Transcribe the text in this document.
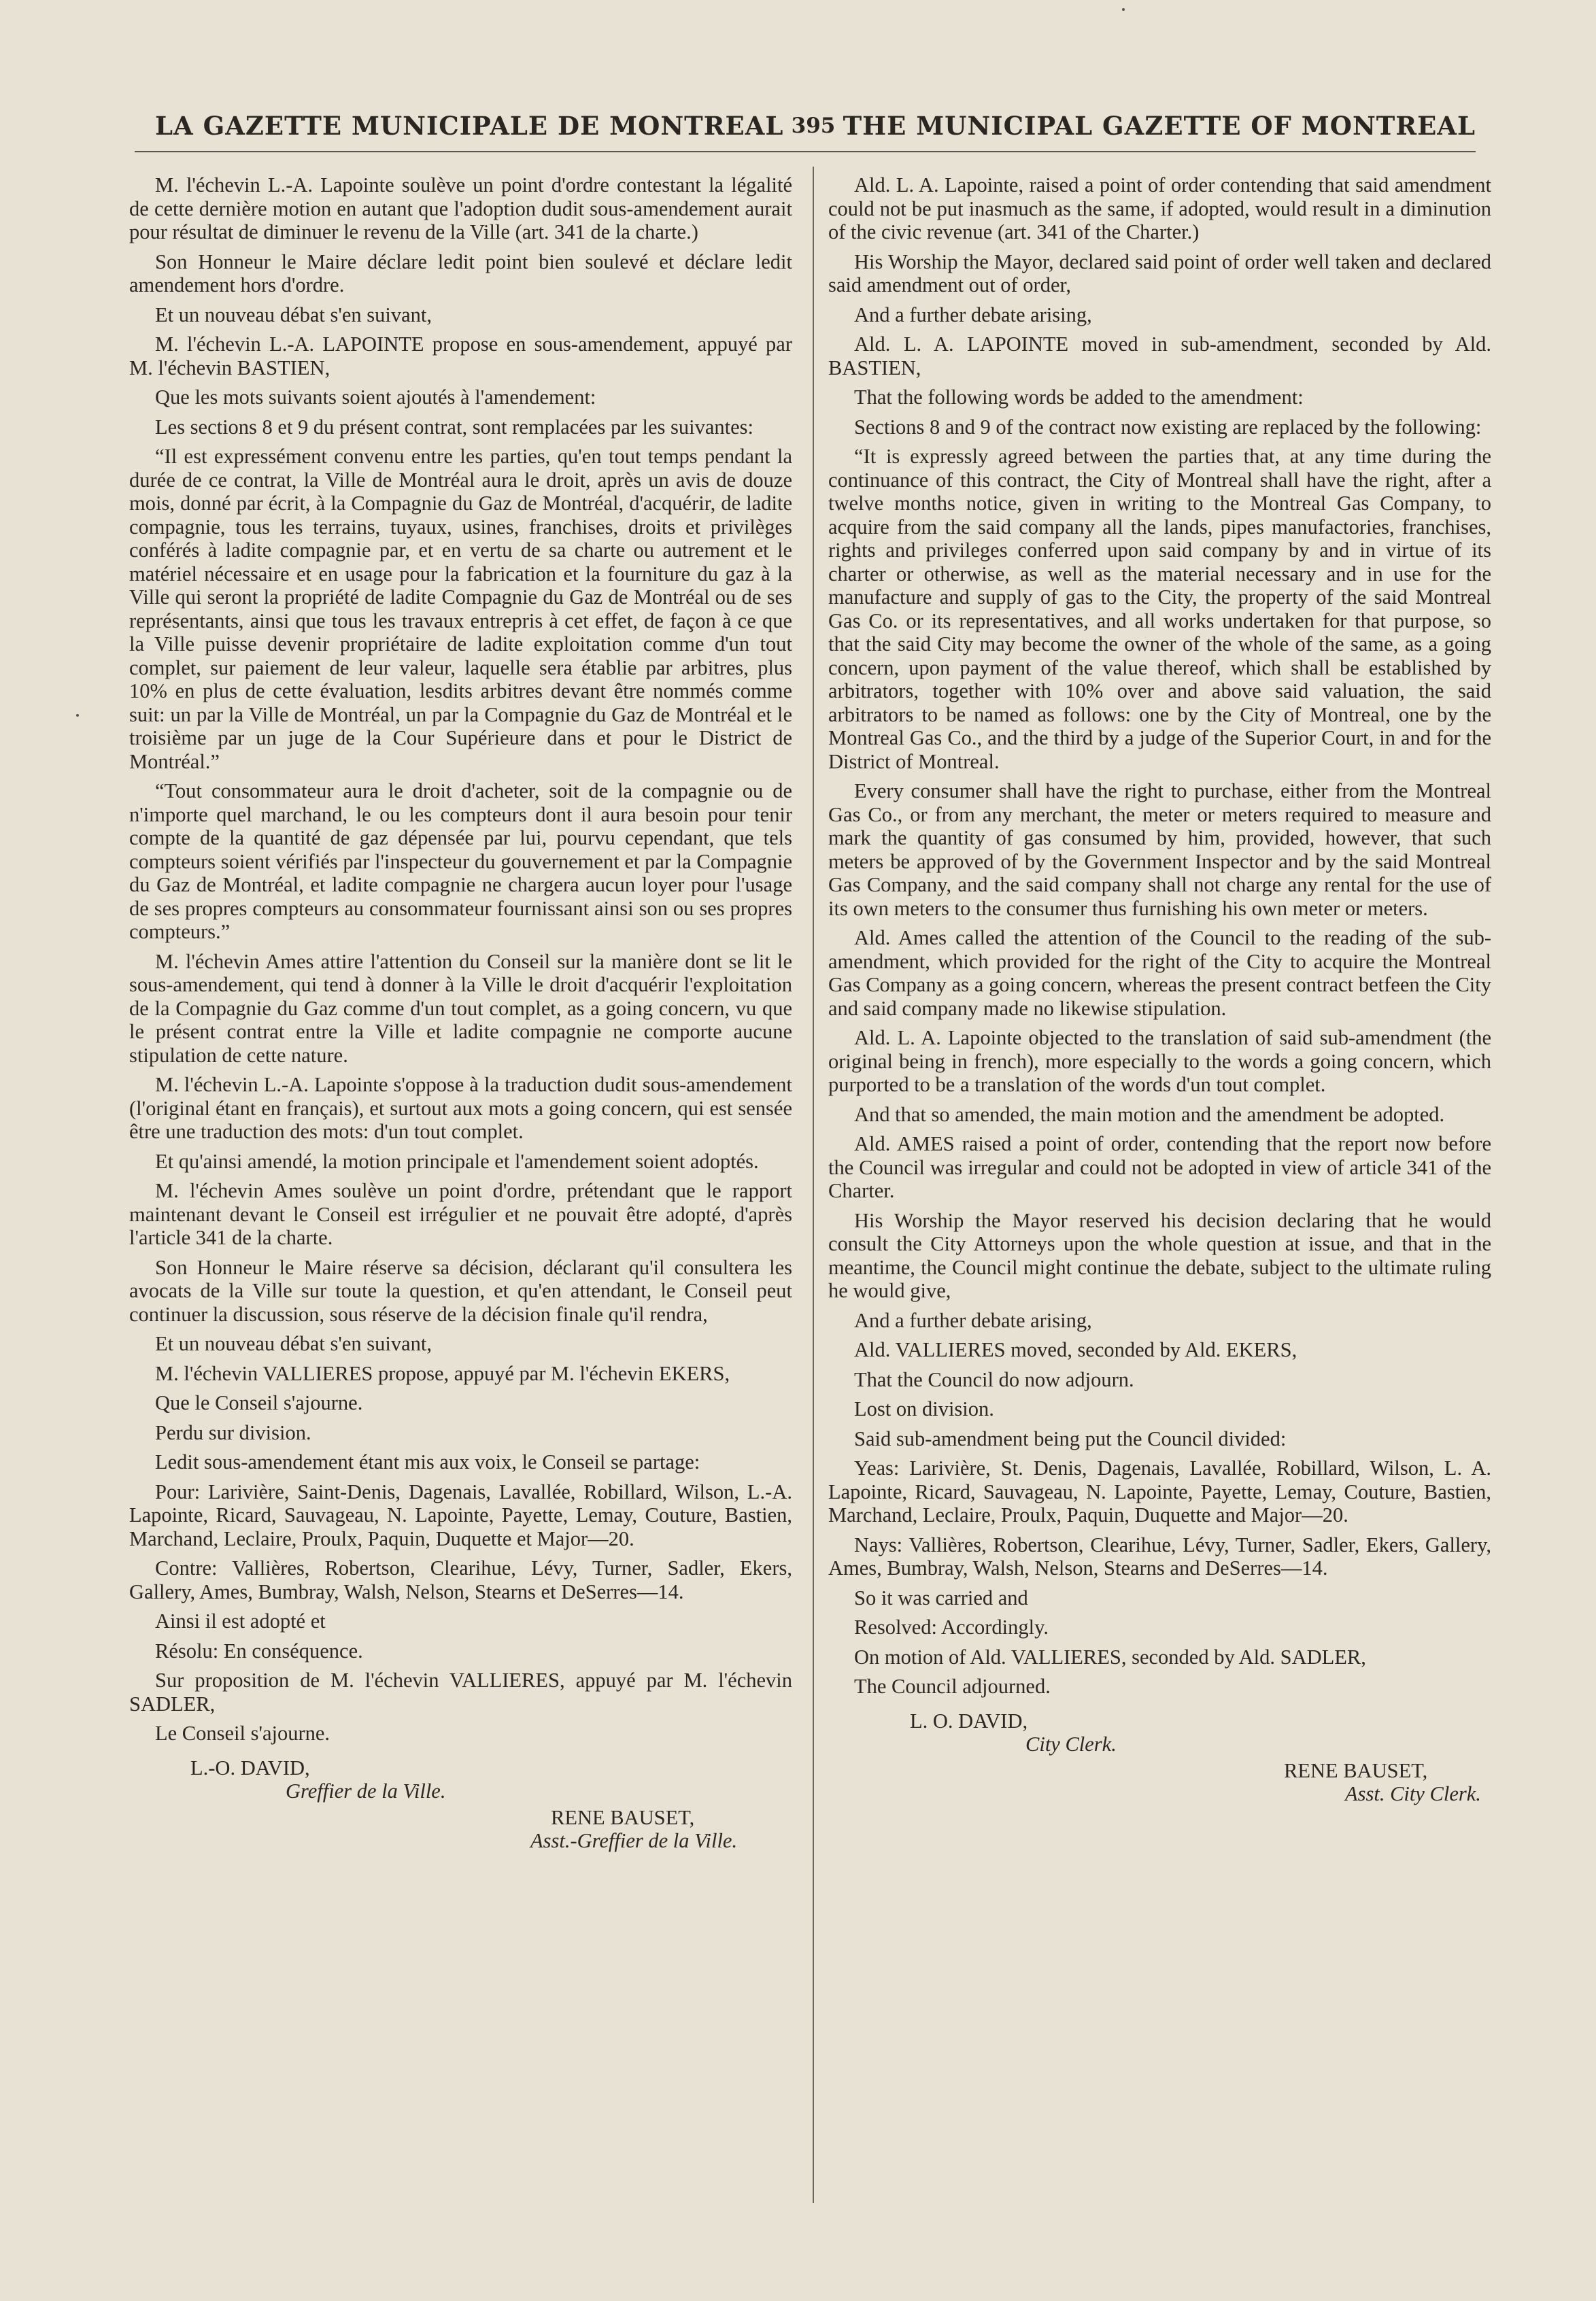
LA GAZETTE MUNICIPALE DE MONTREAL 395 THE MUNICIPAL GAZETTE OF MONTREAL

M. l'échevin L.-A. Lapointe soulève un point d'ordre contestant la légalité de cette dernière motion en autant que l'adoption dudit sous-amendement aurait pour résultat de diminuer le revenu de la Ville (art. 341 de la charte.)

Son Honneur le Maire déclare ledit point bien soulevé et déclare ledit amendement hors d'ordre.

Et un nouveau débat s'en suivant,

M. l'échevin L.-A. LAPOINTE propose en sous-amendement, appuyé par M. l'échevin BASTIEN,

Que les mots suivants soient ajoutés à l'amendement:

Les sections 8 et 9 du présent contrat, sont remplacées par les suivantes:

“Il est expressément convenu entre les parties, qu'en tout temps pendant la durée de ce contrat, la Ville de Montréal aura le droit, après un avis de douze mois, donné par écrit, à la Compagnie du Gaz de Montréal, d'acquérir, de ladite compagnie, tous les terrains, tuyaux, usines, franchises, droits et privilèges conférés à ladite compagnie par, et en vertu de sa charte ou autrement et le matériel nécessaire et en usage pour la fabrication et la fourniture du gaz à la Ville qui seront la propriété de ladite Compagnie du Gaz de Montréal ou de ses représentants, ainsi que tous les travaux entrepris à cet effet, de façon à ce que la Ville puisse devenir propriétaire de ladite exploitation comme d'un tout complet, sur paiement de leur valeur, laquelle sera établie par arbitres, plus 10% en plus de cette évaluation, lesdits arbitres devant être nommés comme suit: un par la Ville de Montréal, un par la Compagnie du Gaz de Montréal et le troisième par un juge de la Cour Supérieure dans et pour le District de Montréal.”

“Tout consommateur aura le droit d'acheter, soit de la compagnie ou de n'importe quel marchand, le ou les compteurs dont il aura besoin pour tenir compte de la quantité de gaz dépensée par lui, pourvu cependant, que tels compteurs soient vérifiés par l'inspecteur du gouvernement et par la Compagnie du Gaz de Montréal, et ladite compagnie ne chargera aucun loyer pour l'usage de ses propres compteurs au consommateur fournissant ainsi son ou ses propres compteurs.”

M. l'échevin Ames attire l'attention du Conseil sur la manière dont se lit le sous-amendement, qui tend à donner à la Ville le droit d'acquérir l'exploitation de la Compagnie du Gaz comme d'un tout complet, as a going concern, vu que le présent contrat entre la Ville et ladite compagnie ne comporte aucune stipulation de cette nature.

M. l'échevin L.-A. Lapointe s'oppose à la traduction dudit sous-amendement (l'original étant en français), et surtout aux mots a going concern, qui est sensée être une traduction des mots: d'un tout complet.

Et qu'ainsi amendé, la motion principale et l'amendement soient adoptés.

M. l'échevin Ames soulève un point d'ordre, prétendant que le rapport maintenant devant le Conseil est irrégulier et ne pouvait être adopté, d'après l'article 341 de la charte.

Son Honneur le Maire réserve sa décision, déclarant qu'il consultera les avocats de la Ville sur toute la question, et qu'en attendant, le Conseil peut continuer la discussion, sous réserve de la décision finale qu'il rendra,

Et un nouveau débat s'en suivant,

M. l'échevin VALLIERES propose, appuyé par M. l'échevin EKERS,

Que le Conseil s'ajourne.

Perdu sur division.

Ledit sous-amendement étant mis aux voix, le Conseil se partage:

Pour: Larivière, Saint-Denis, Dagenais, Lavallée, Robillard, Wilson, L.-A. Lapointe, Ricard, Sauvageau, N. Lapointe, Payette, Lemay, Couture, Bastien, Marchand, Leclaire, Proulx, Paquin, Duquette et Major—20.

Contre: Vallières, Robertson, Clearihue, Lévy, Turner, Sadler, Ekers, Gallery, Ames, Bumbray, Walsh, Nelson, Stearns et DeSerres—14.

Ainsi il est adopté et

Résolu: En conséquence.

Sur proposition de M. l'échevin VALLIERES, appuyé par M. l'échevin SADLER,

Le Conseil s'ajourne.

L.-O. DAVID,

Greffier de la Ville.

RENE BAUSET,

Asst.-Greffier de la Ville.

Ald. L. A. Lapointe, raised a point of order contending that said amendment could not be put inasmuch as the same, if adopted, would result in a diminution of the civic revenue (art. 341 of the Charter.)

His Worship the Mayor, declared said point of order well taken and declared said amendment out of order,

And a further debate arising,

Ald. L. A. LAPOINTE moved in sub-amendment, seconded by Ald. BASTIEN,

That the following words be added to the amendment:

Sections 8 and 9 of the contract now existing are replaced by the following:

“It is expressly agreed between the parties that, at any time during the continuance of this contract, the City of Montreal shall have the right, after a twelve months notice, given in writing to the Montreal Gas Company, to acquire from the said company all the lands, pipes manufactories, franchises, rights and privileges conferred upon said company by and in virtue of its charter or otherwise, as well as the material necessary and in use for the manufacture and supply of gas to the City, the property of the said Montreal Gas Co. or its representatives, and all works undertaken for that purpose, so that the said City may become the owner of the whole of the same, as a going concern, upon payment of the value thereof, which shall be established by arbitrators, together with 10% over and above said valuation, the said arbitrators to be named as follows: one by the City of Montreal, one by the Montreal Gas Co., and the third by a judge of the Superior Court, in and for the District of Montreal.

Every consumer shall have the right to purchase, either from the Montreal Gas Co., or from any merchant, the meter or meters required to measure and mark the quantity of gas consumed by him, provided, however, that such meters be approved of by the Government Inspector and by the said Montreal Gas Company, and the said company shall not charge any rental for the use of its own meters to the consumer thus furnishing his own meter or meters.

Ald. Ames called the attention of the Council to the reading of the sub-amendment, which provided for the right of the City to acquire the Montreal Gas Company as a going concern, whereas the present contract betfeen the City and said company made no likewise stipulation.

Ald. L. A. Lapointe objected to the translation of said sub-amendment (the original being in french), more especially to the words a going concern, which purported to be a translation of the words d'un tout complet.

And that so amended, the main motion and the amendment be adopted.

Ald. AMES raised a point of order, contending that the report now before the Council was irregular and could not be adopted in view of article 341 of the Charter.

His Worship the Mayor reserved his decision declaring that he would consult the City Attorneys upon the whole question at issue, and that in the meantime, the Council might continue the debate, subject to the ultimate ruling he would give,

And a further debate arising,

Ald. VALLIERES moved, seconded by Ald. EKERS,

That the Council do now adjourn.

Lost on division.

Said sub-amendment being put the Council divided:

Yeas: Larivière, St. Denis, Dagenais, Lavallée, Robillard, Wilson, L. A. Lapointe, Ricard, Sauvageau, N. Lapointe, Payette, Lemay, Couture, Bastien, Marchand, Leclaire, Proulx, Paquin, Duquette and Major—20.

Nays: Vallières, Robertson, Clearihue, Lévy, Turner, Sadler, Ekers, Gallery, Ames, Bumbray, Walsh, Nelson, Stearns and DeSerres—14.

So it was carried and

Resolved: Accordingly.

On motion of Ald. VALLIERES, seconded by Ald. SADLER,

The Council adjourned.

L. O. DAVID,

City Clerk.

RENE BAUSET,

Asst. City Clerk.
